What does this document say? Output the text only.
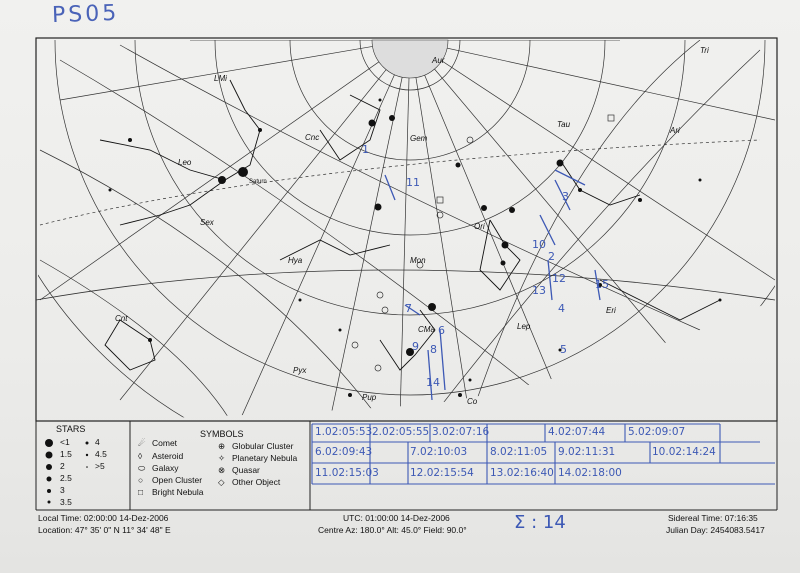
PS05
Tri
LMi
Aur
Cnc	Gem
Tau
Ari
Leo
Sex	Ori
Hya	Mon
Cnt
Eri
Lep
CMa
Pyx
Pup	Co
Saturn
1
11
3
10
12
13
2
4
5
7
6
8
9
14
15
STARS
<1
1.5
2
2.5
3
3.5
4
4.5
>5
SYMBOLS
☄ Comet
◊ Asteroid
⬭ Galaxy
○ Open Cluster
□ Bright Nebula
⊕ Globular Cluster
✧ Planetary Nebula
⊗ Quasar
◇ Other Object
1.02:05:53 2.02:05:55 3.02:07:16	4.02:07:44 5.02:09:07
6.02:09:43	7.02:10:03 8.02:11:05 9.02:11:31	10.02:14:24
11.02:15:03	12.02:15:54 13.02:16:40 14.02:18:00
Local Time: 02:00:00 14-Dez-2006
Location: 47° 35' 0" N 11° 34' 48" E
UTC: 01:00:00 14-Dez-2006
Centre Az: 180.0° Alt: 45.0° Field: 90.0°	Σ : 14	Sidereal Time: 07:16:35
Julian Day: 2454083.5417
